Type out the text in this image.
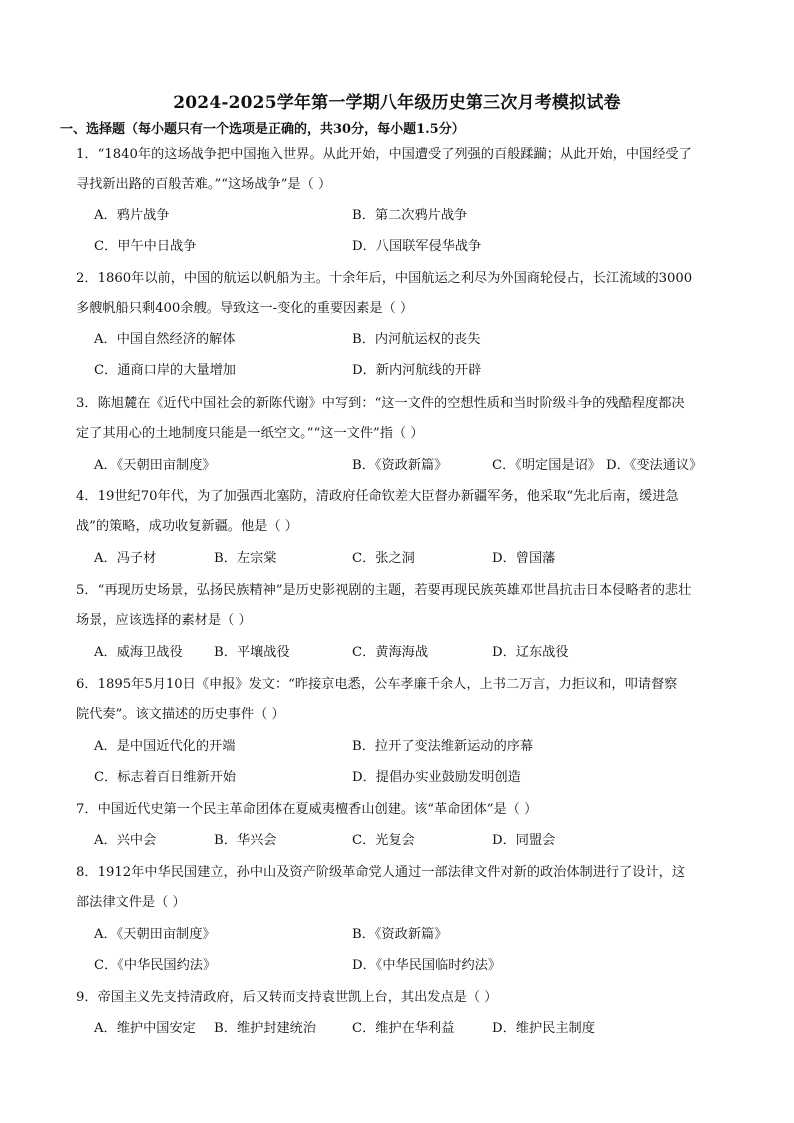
2024-2025学年第一学期八年级历史第三次月考模拟试卷
一、选择题（每小题只有一个选项是正确的，共30分，每小题1.5分）

1．“1840年的这场战争把中国拖入世界。从此开始，中国遭受了列强的百般蹂躏；从此开始，中国经受了

寻找新出路的百般苦难。”“这场战争”是（ ）

A．鸦片战争	B．第二次鸦片战争
C．甲午中日战争	D．八国联军侵华战争

2．1860年以前，中国的航运以帆船为主。十余年后，中国航运之利尽为外国商轮侵占，长江流域的3000

多艘帆船只剩400余艘。导致这一-变化的重要因素是（ ）

A．中国自然经济的解体	B．内河航运权的丧失
C．通商口岸的大量增加	D．新内河航线的开辟

3．陈旭麓在《近代中国社会的新陈代谢》中写到：“这一文件的空想性质和当时阶级斗争的残酷程度都决

定了其用心的土地制度只能是一纸空文。”“这一文件”指（ ）

A．《天朝田亩制度》	B．《资政新篇》	C．《明定国是诏》 D．《变法通议》

4．19世纪70年代，为了加强西北塞防，清政府任命钦差大臣督办新疆军务，他采取“先北后南，缓进急

战”的策略，成功收复新疆。他是（ ）

A．冯子材	B．左宗棠	C．张之洞	D．曾国藩

5．“再现历史场景，弘扬民族精神”是历史影视剧的主题，若要再现民族英雄邓世昌抗击日本侵略者的悲壮

场景，应该选择的素材是（ ）

A．威海卫战役 B．平壤战役	C．黄海海战	D．辽东战役

6．1895年5月10日《申报》发文：“昨接京电悉，公车孝廉千余人，上书二万言，力拒议和，叩请督察

院代奏”。该文描述的历史事件（ ）

A．是中国近代化的开端	B．拉开了变法维新运动的序幕
C．标志着百日维新开始	D．提倡办实业鼓励发明创造

7．中国近代史第一个民主革命团体在夏威夷檀香山创建。该“革命团体”是（ ）

A．兴中会	B．华兴会	C．光复会	D．同盟会

8．1912年中华民国建立，孙中山及资产阶级革命党人通过一部法律文件对新的政治体制进行了设计，这

部法律文件是（ ）

A．《天朝田亩制度》	B．《资政新篇》
C．《中华民国约法》	D．《中华民国临时约法》

9．帝国主义先支持清政府，后又转而支持袁世凯上台，其出发点是（ ）

A．维护中国安定 B．维护封建统治	C．维护在华利益	D．维护民主制度
